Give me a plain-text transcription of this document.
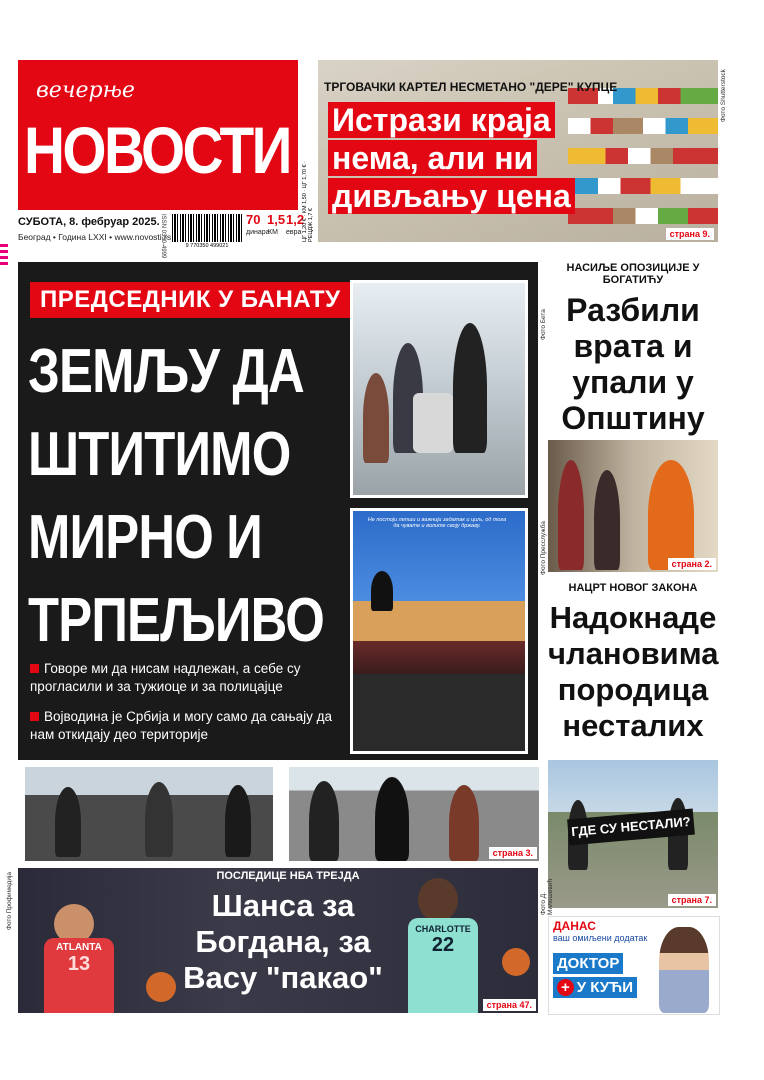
вечерње
НОВОСТИ
СУБОТА, 8. фебруар 2025.
Београд • Година LXXI • www.novosti.rs
ISSN 0350-4999	9 770350 499021
70
динара
1,5
КМ
1,2
евра ЦГ 1,20 € · КМ 1,50 · ЦГ 1,70 € · РЕЦДЖ 1,7 €
ТРГОВАЧКИ КАРТЕЛ НЕСМЕТАНО "ДЕРЕ" КУПЦЕ
Истрази краја
нема, али ни
дивљању цена
страна 9.
Фото Shutterstock
ПРЕДСЕДНИК У БАНАТУ
ЗЕМЉУ ДА
ШТИТИМО
МИРНО И
ТРПЕЉИВО
Говоре ми да нисам надлежан, а себе су прогласили и за тужиоце и за полицајце
Војводина је Србија и могу само да сањају да нам откидају део територије
Не постоји лепши и важнији задатак и циљ, од тога да чувате и волите своју државу.
Фото Бета
страна 3.
НАСИЉЕ ОПОЗИЦИЈЕ У БОГАТИЋУ
Разбили
врата и
упали у
Општину
страна 2.
Фото Пресслужба
НАЦРТ НОВОГ ЗАКОНА
Надокнаде
члановима
породица
несталих
ГДЕ СУ НЕСТАЛИ?
страна 7.
Фото Д. Милошевић
ATLANTA
13
CHARLOTTE
22
ПОСЛЕДИЦЕ НБА ТРЕЈДА
Шанса за
Богдана, за
Васу "пакао"
страна 47.
Фото Профимедија	ДАНАС
ваш омиљени додатак
ДОКТОР
+ У КУЋИ
